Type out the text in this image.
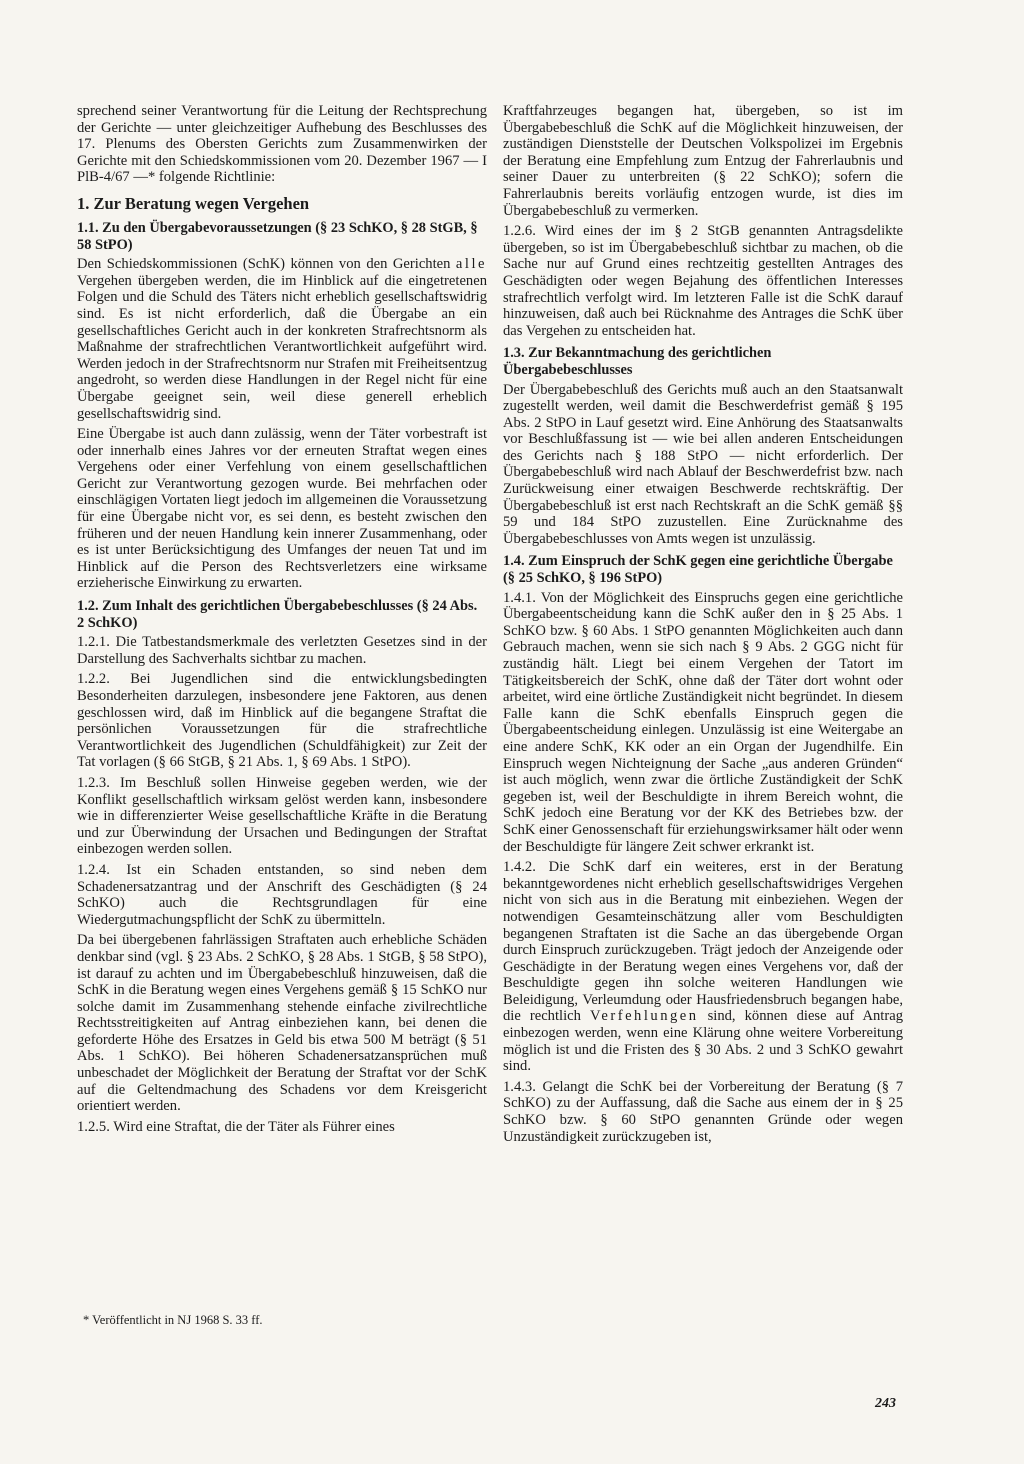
sprechend seiner Verantwortung für die Leitung der Rechtsprechung der Gerichte — unter gleichzeitiger Aufhebung des Beschlusses des 17. Plenums des Obersten Gerichts zum Zusammenwirken der Gerichte mit den Schiedskommissionen vom 20. Dezember 1967 — I PlB-4/67 —* folgende Richtlinie:

1. Zur Beratung wegen Vergehen
1.1. Zu den Übergabevoraussetzungen (§ 23 SchKO, § 28 StGB, § 58 StPO)

Den Schiedskommissionen (SchK) können von den Gerichten alle Vergehen übergeben werden, die im Hinblick auf die eingetretenen Folgen und die Schuld des Täters nicht erheblich gesellschaftswidrig sind. Es ist nicht erforderlich, daß die Übergabe an ein gesellschaftliches Gericht auch in der konkreten Strafrechtsnorm als Maßnahme der strafrechtlichen Verantwortlichkeit aufgeführt wird. Werden jedoch in der Strafrechtsnorm nur Strafen mit Freiheitsentzug angedroht, so werden diese Handlungen in der Regel nicht für eine Übergabe geeignet sein, weil diese generell erheblich gesellschaftswidrig sind.

Eine Übergabe ist auch dann zulässig, wenn der Täter vorbestraft ist oder innerhalb eines Jahres vor der erneuten Straftat wegen eines Vergehens oder einer Verfehlung von einem gesellschaftlichen Gericht zur Verantwortung gezogen wurde. Bei mehrfachen oder einschlägigen Vortaten liegt jedoch im allgemeinen die Voraussetzung für eine Übergabe nicht vor, es sei denn, es besteht zwischen den früheren und der neuen Handlung kein innerer Zusammenhang, oder es ist unter Berücksichtigung des Umfanges der neuen Tat und im Hinblick auf die Person des Rechtsverletzers eine wirksame erzieherische Einwirkung zu erwarten.

1.2. Zum Inhalt des gerichtlichen Übergabebeschlusses (§ 24 Abs. 2 SchKO)

1.2.1. Die Tatbestandsmerkmale des verletzten Gesetzes sind in der Darstellung des Sachverhalts sichtbar zu machen.

1.2.2. Bei Jugendlichen sind die entwicklungsbedingten Besonderheiten darzulegen, insbesondere jene Faktoren, aus denen geschlossen wird, daß im Hinblick auf die begangene Straftat die persönlichen Voraussetzungen für die strafrechtliche Verantwortlichkeit des Jugendlichen (Schuldfähigkeit) zur Zeit der Tat vorlagen (§ 66 StGB, § 21 Abs. 1, § 69 Abs. 1 StPO).

1.2.3. Im Beschluß sollen Hinweise gegeben werden, wie der Konflikt gesellschaftlich wirksam gelöst werden kann, insbesondere wie in differenzierter Weise gesellschaftliche Kräfte in die Beratung und zur Überwindung der Ursachen und Bedingungen der Straftat einbezogen werden sollen.

1.2.4. Ist ein Schaden entstanden, so sind neben dem Schadenersatzantrag und der Anschrift des Geschädigten (§ 24 SchKO) auch die Rechtsgrundlagen für eine Wiedergutmachungspflicht der SchK zu übermitteln.

Da bei übergebenen fahrlässigen Straftaten auch erhebliche Schäden denkbar sind (vgl. § 23 Abs. 2 SchKO, § 28 Abs. 1 StGB, § 58 StPO), ist darauf zu achten und im Übergabebeschluß hinzuweisen, daß die SchK in die Beratung wegen eines Vergehens gemäß § 15 SchKO nur solche damit im Zusammenhang stehende einfache zivilrechtliche Rechtsstreitigkeiten auf Antrag einbeziehen kann, bei denen die geforderte Höhe des Ersatzes in Geld bis etwa 500 M beträgt (§ 51 Abs. 1 SchKO). Bei höheren Schadenersatzansprüchen muß unbeschadet der Möglichkeit der Beratung der Straftat vor der SchK auf die Geltendmachung des Schadens vor dem Kreisgericht orientiert werden.

1.2.5. Wird eine Straftat, die der Täter als Führer eines

Kraftfahrzeuges begangen hat, übergeben, so ist im Übergabebeschluß die SchK auf die Möglichkeit hinzuweisen, der zuständigen Dienststelle der Deutschen Volkspolizei im Ergebnis der Beratung eine Empfehlung zum Entzug der Fahrerlaubnis und seiner Dauer zu unterbreiten (§ 22 SchKO); sofern die Fahrerlaubnis bereits vorläufig entzogen wurde, ist dies im Übergabebeschluß zu vermerken.

1.2.6. Wird eines der im § 2 StGB genannten Antragsdelikte übergeben, so ist im Übergabebeschluß sichtbar zu machen, ob die Sache nur auf Grund eines rechtzeitig gestellten Antrages des Geschädigten oder wegen Bejahung des öffentlichen Interesses strafrechtlich verfolgt wird. Im letzteren Falle ist die SchK darauf hinzuweisen, daß auch bei Rücknahme des Antrages die SchK über das Vergehen zu entscheiden hat.

1.3. Zur Bekanntmachung des gerichtlichen Übergabebeschlusses

Der Übergabebeschluß des Gerichts muß auch an den Staatsanwalt zugestellt werden, weil damit die Beschwerdefrist gemäß § 195 Abs. 2 StPO in Lauf gesetzt wird. Eine Anhörung des Staatsanwalts vor Beschlußfassung ist — wie bei allen anderen Entscheidungen des Gerichts nach § 188 StPO — nicht erforderlich. Der Übergabebeschluß wird nach Ablauf der Beschwerdefrist bzw. nach Zurückweisung einer etwaigen Beschwerde rechtskräftig. Der Übergabebeschluß ist erst nach Rechtskraft an die SchK gemäß §§ 59 und 184 StPO zuzustellen. Eine Zurücknahme des Übergabebeschlusses von Amts wegen ist unzulässig.

1.4. Zum Einspruch der SchK gegen eine gerichtliche Übergabe (§ 25 SchKO, § 196 StPO)

1.4.1. Von der Möglichkeit des Einspruchs gegen eine gerichtliche Übergabeentscheidung kann die SchK außer den in § 25 Abs. 1 SchKO bzw. § 60 Abs. 1 StPO genannten Möglichkeiten auch dann Gebrauch machen, wenn sie sich nach § 9 Abs. 2 GGG nicht für zuständig hält. Liegt bei einem Vergehen der Tatort im Tätigkeitsbereich der SchK, ohne daß der Täter dort wohnt oder arbeitet, wird eine örtliche Zuständigkeit nicht begründet. In diesem Falle kann die SchK ebenfalls Einspruch gegen die Übergabeentscheidung einlegen. Unzulässig ist eine Weitergabe an eine andere SchK, KK oder an ein Organ der Jugendhilfe. Ein Einspruch wegen Nichteignung der Sache „aus anderen Gründen“ ist auch möglich, wenn zwar die örtliche Zuständigkeit der SchK gegeben ist, weil der Beschuldigte in ihrem Bereich wohnt, die SchK jedoch eine Beratung vor der KK des Betriebes bzw. der SchK einer Genossenschaft für erziehungswirksamer hält oder wenn der Beschuldigte für längere Zeit schwer erkrankt ist.

1.4.2. Die SchK darf ein weiteres, erst in der Beratung bekanntgewordenes nicht erheblich gesellschaftswidriges Vergehen nicht von sich aus in die Beratung mit einbeziehen. Wegen der notwendigen Gesamteinschätzung aller vom Beschuldigten begangenen Straftaten ist die Sache an das übergebende Organ durch Einspruch zurückzugeben. Trägt jedoch der Anzeigende oder Geschädigte in der Beratung wegen eines Vergehens vor, daß der Beschuldigte gegen ihn solche weiteren Handlungen wie Beleidigung, Verleumdung oder Hausfriedensbruch begangen habe, die rechtlich Verfehlungen sind, können diese auf Antrag einbezogen werden, wenn eine Klärung ohne weitere Vorbereitung möglich ist und die Fristen des § 30 Abs. 2 und 3 SchKO gewahrt sind.

1.4.3. Gelangt die SchK bei der Vorbereitung der Beratung (§ 7 SchKO) zu der Auffassung, daß die Sache aus einem der in § 25 SchKO bzw. § 60 StPO genannten Gründe oder wegen Unzuständigkeit zurückzugeben ist,

* Veröffentlicht in NJ 1968 S. 33 ff.
243
